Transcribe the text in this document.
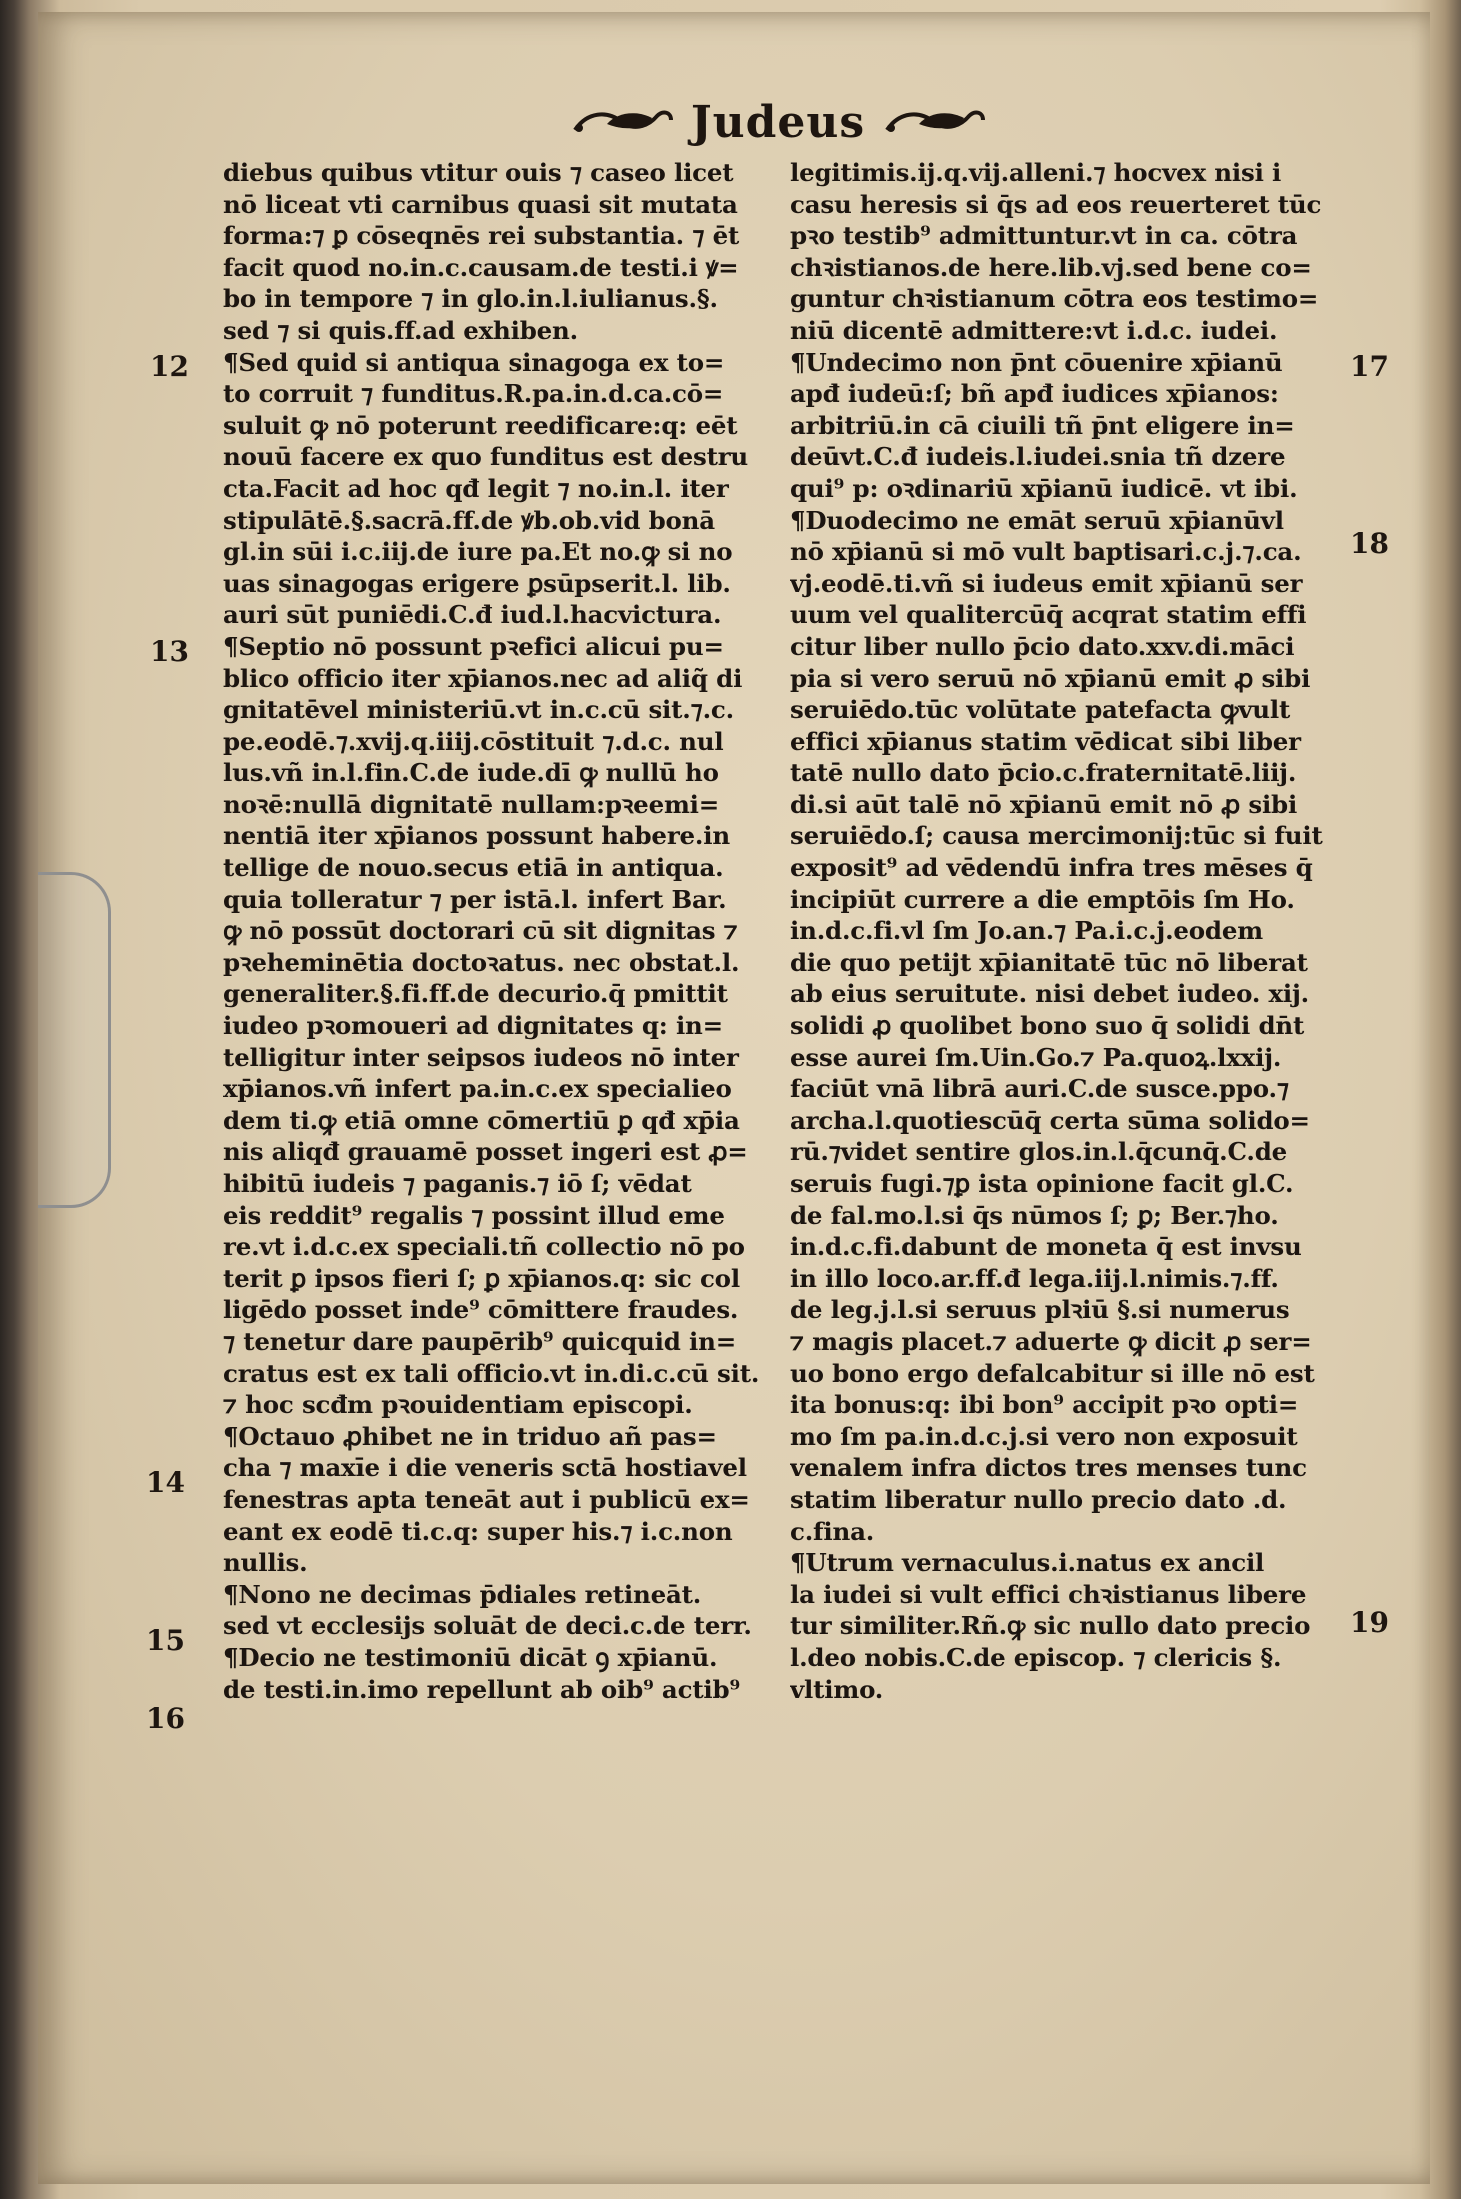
Judeus
diebus quibus vtitur ouis ⁊ caseo licet
nō liceat vti carnibus quasi sit mutata
forma:⁊ ꝑ cōseqnēs rei substantia. ⁊ ēt
facit quod no.in.c.causam.de testi.i ꝟ=
bo in tempore ⁊ in glo.in.l.iulianus.§.
sed ⁊ si quis.ff.ad exhiben.
¶Sed quid si antiqua sinagoga ex to=
to corruit ⁊ funditus.R.pa.in.d.ca.cō=
suluit ꝙ nō poterunt reedificare:q: eēt
nouū facere ex quo funditus est destru
cta.Facit ad hoc qđ legit ⁊ no.in.l. iter
stipulātē.§.sacrā.ff.de ꝟb.ob.vid bonā
gl.in sūi i.c.iij.de iure pa.Et no.ꝙ si no
uas sinagogas erigere ꝑsūpserit.l. lib.
auri sūt puniēdi.C.đ iud.l.hacvictura.
¶Septio nō possunt pꝛefici alicui pu=
blico officio iter xp̄ianos.nec ad aliq̃ di
gnitatēvel ministeriū.vt in.c.cū sit.⁊.c.
pe.eodē.⁊.xvij.q.iiij.cōstituit ⁊.d.c. nul
lus.vñ in.l.fin.C.de iude.dī ꝙ nullū ho
noꝛē:nullā dignitatē nullam:pꝛeemi=
nentiā iter xp̄ianos possunt habere.in
tellige de nouo.secus etiā in antiqua.
quia tolleratur ⁊ per istā.l. infert Bar.
ꝙ nō possūt doctorari cū sit dignitas ⁊
pꝛeheminētia doctoꝛatus. nec obstat.l.
generaliter.§.fi.ff.de decurio.q̄ pmittit
iudeo pꝛomoueri ad dignitates q: in=
telligitur inter seipsos iudeos nō inter
xp̄ianos.vñ infert pa.in.c.ex specialieo
dem ti.ꝙ etiā omne cōmertiū ꝑ qđ xp̄ia
nis aliqđ grauamē posset ingeri est ꝓ=
hibitū iudeis ⁊ paganis.⁊ iō ſ; vēdat
eis reddit⁹ regalis ⁊ possint illud eme
re.vt i.d.c.ex speciali.tñ collectio nō po
terit ꝑ ipsos fieri ſ; ꝑ xp̄ianos.q: sic col
ligēdo posset inde⁹ cōmittere fraudes.
⁊ tenetur dare paupērib⁹ quicquid in=
cratus est ex tali officio.vt in.di.c.cū sit.
⁊ hoc scđm pꝛouidentiam episcopi.
¶Octauo ꝓhibet ne in triduo añ pas=
cha ⁊ maxīe i die veneris sctā hostiavel
fenestras apta teneāt aut i publicū ex=
eant ex eodē ti.c.q: super his.⁊ i.c.non
nullis.
¶Nono ne decimas p̄diales retineāt.
sed vt ecclesijs soluāt de deci.c.de terr.
¶Decio ne testimoniū dicāt ꝯ xp̄ianū.
de testi.in.imo repellunt ab oib⁹ actib⁹
legitimis.ij.q.vij.alleni.⁊ hocvex nisi i
casu heresis si q̄s ad eos reuerteret tūc
pꝛo testib⁹ admittuntur.vt in ca. cōtra
chꝛistianos.de here.lib.vj.sed bene co=
guntur chꝛistianum cōtra eos testimo=
niū dicentē admittere:vt i.d.c. iudei.
¶Undecimo non p̄nt cōuenire xp̄ianū
apđ iudeū:ſ; bñ apđ iudices xp̄ianos:
arbitriū.in cā ciuili tñ p̄nt eligere in=
deūvt.C.đ iudeis.l.iudei.snia tñ dzere
qui⁹ p: oꝛdinariū xp̄ianū iudicē. vt ibi.
¶Duodecimo ne emāt seruū xp̄ianūvl
nō xp̄ianū si mō vult baptisari.c.j.⁊.ca.
vj.eodē.ti.vñ si iudeus emit xp̄ianū ser
uum vel qualitercūq̄ acqrat statim effi
citur liber nullo p̄cio dato.xxv.di.māci
pia si vero seruū nō xp̄ianū emit ꝓ sibi
seruiēdo.tūc volūtate patefacta ꝙvult
effici xp̄ianus statim vēdicat sibi liber
tatē nullo dato p̄cio.c.fraternitatē.liij.
di.si aūt talē nō xp̄ianū emit nō ꝓ sibi
seruiēdo.ſ; causa mercimonij:tūc si fuit
exposit⁹ ad vēdendū infra tres mēses q̄
incipiūt currere a die emptōis ſm Ho.
in.d.c.fi.vl ſm Jo.an.⁊ Pa.i.c.j.eodem
die quo petijt xp̄ianitatē tūc nō liberat
ab eius seruitute. nisi debet iudeo. xij.
solidi ꝓ quolibet bono suo q̄ solidi dn̄t
esse aurei ſm.Uin.Go.⁊ Pa.quoꝝ.lxxij.
faciūt vnā librā auri.C.de susce.ppo.⁊
archa.l.quotiescūq̄ certa sūma solido=
rū.⁊videt sentire glos.in.l.q̄cunq̄.C.de
seruis fugi.⁊ꝑ ista opinione facit gl.C.
de fal.mo.l.si q̄s nūmos ſ; ꝑ; Ber.⁊ho.
in.d.c.fi.dabunt de moneta q̄ est invsu
in illo loco.ar.ff.đ lega.iij.l.nimis.⁊.ff.
de leg.j.l.si seruus plꝛiū §.si numerus
⁊ magis placet.⁊ aduerte ꝙ dicit ꝓ ser=
uo bono ergo defalcabitur si ille nō est
ita bonus:q: ibi bon⁹ accipit pꝛo opti=
mo ſm pa.in.d.c.j.si vero non exposuit
venalem infra dictos tres menses tunc
statim liberatur nullo precio dato .d.
c.fina.
¶Utrum vernaculus.i.natus ex ancil
la iudei si vult effici chꝛistianus libere
tur similiter.Rñ.ꝙ sic nullo dato precio
l.deo nobis.C.de episcop. ⁊ clericis §.
vltimo.
12
13
14
15
16
17
18
19
